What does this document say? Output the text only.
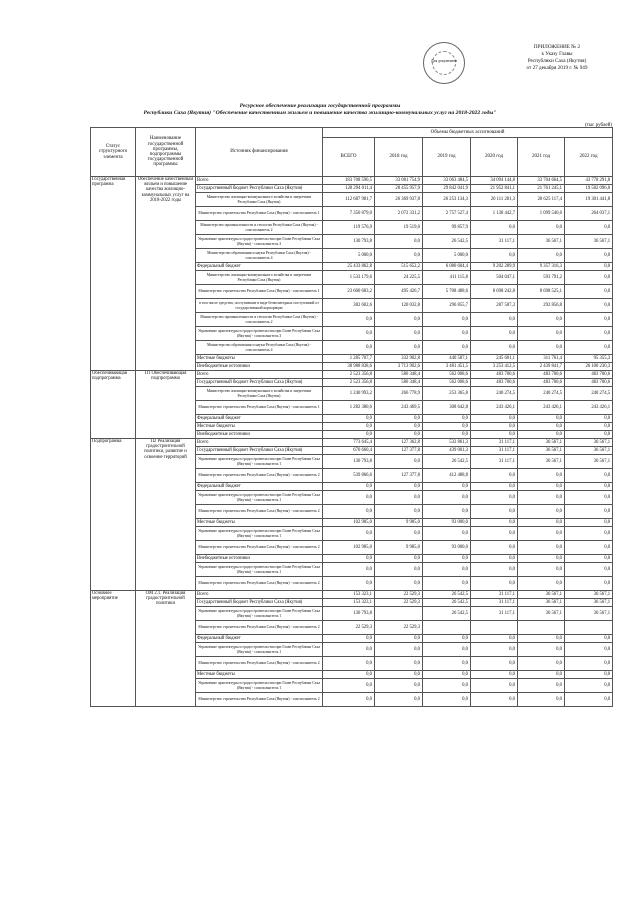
Для документов
ПРИЛОЖЕНИЕ № 2
к Указу Главы
Республики Саха (Якутия)
от 27 декабря 2019 г. № 949
Ресурсное обеспечение реализации государственной программы
Республики Саха (Якутия) "Обеспечение качественным жильем и повышение качества жилищно-коммунальных услуг на 2018-2022 годы"
(тыс рублей)
Статус структурного элемента	Наименование государственной программы, подпрограммы государственной программы	Источник финансирования	Объемы бюджетных ассигнований					
			ВСЕГО	2018 год	2019 год	2020 год	2021 год	2022 год
Государственная программа	Обеспечение качественным жильем и повышение качества жилищно-коммунальных услуг на 2018-2022 годы	Всего	183 708 590,5	33 081 754,9	33 063 484,5	34 094 144,8	33 704 664,5	43 778 291,8
		Государственный бюджет Республики Саха (Якутия)	120 294 011,4	28 455 957,9	29 842 041,9	21 952 841,1	21 761 245,1	19 582 096,0
		Министерство жилищно-коммунального хозяйства и энергетики Республики Саха (Якутия)	112 687 981,7	26 369 937,8	26 253 134,3	20 111 281,3	20 625 117,4	19 301 441,8
		Министерство строительства Республики Саха (Якутия) - соисполнитель 1	7 350 879,0	2 072 331,2	2 757 527,4	1 138 442,7	1 099 540,6	264 037,1
		Министерство промышленности и геологии Республики Саха (Якутия) - соисполнитель 2	119 576,9	19 519,0	99 857,9	0,0	0,0	0,0
		Управление архитектуры и градостроительства при Главе Республики Саха (Якутия) - соисполнитель 3	130 793,8	0,0	26 542,5	31 117,1	36 567,1	36 567,1
		Министерство образования и науки Республики Саха (Якутия) - соисполнитель 4	5 000,0	0,0	5 000,0	0,0	0,0	0,0
		Федеральный бюджет	25 433 862,8	515 652,2	6 080 604,4	9 202 289,9	9 357 316,3	0,0
		Министерство жилищно-коммунального хозяйства и энергетики Республики Саха (Якутия)	1 533 179,6	24 225,5	411 115,8	504 047,1	593 791,2	0,0
		Министерство строительства Республики Саха (Якутия) - соисполнитель 1	23 600 683,2	495 426,7	5 708 488,6	8 698 242,8	8 698 525,1	0,0
		в том числе средства, поступившие в виде безвозмездных поступлений от государственной корпорации	382 602,6	120 032,8	296 855,7	287 587,3	292 856,8	0,0
		Министерство промышленности и геологии Республики Саха (Якутия) - соисполнитель 2	0,0	0,0	0,0	0,0	0,0	0,0
		Управление архитектуры и градостроительства при Главе Республики Саха (Якутия) - соисполнитель 3	0,0	0,0	0,0	0,0	0,0	0,0
		Министерство образования и науки Республики Саха (Якутия) - соисполнитель 4	0,0	0,0	0,0	0,0	0,0	0,0
		Местные бюджеты	1 285 707,7	332 902,8	440 587,1	245 601,1	311 761,4	95 355,3
		Внебюджетные источники	38 988 838,6	3 713 902,6	3 481 451,5	3 253 412,5	2 439 841,7	26 100 230,3
Обеспечивающая подпрограмма	П1 Обеспечивающая подпрограмма	Всего	2 523 356,8	580 348,4	562 008,6	483 700,6	483 700,6	483 700,6
		Государственный бюджет Республики Саха (Якутия)	2 523 356,8	580 348,4	562 008,6	483 700,6	483 700,6	483 700,6
		Министерство жилищно-коммунального хозяйства и энергетики Республики Саха (Якутия)	1 240 993,2	266 778,9	253 365,8	240 274,5	240 274,5	240 274,5
		Министерство строительства Республики Саха (Якутия) - соисполнитель 1	1 282 380,6	243 469,5	308 642,8	243 426,1	243 426,1	243 426,1
		Федеральный бюджет	0,0	0,0	0,0	0,0	0,0	0,0
		Местные бюджеты	0,0	0,0	0,0	0,0	0,0	0,0
		Внебюджетные источники	0,0	0,0	0,0	0,0	0,0	0,0
Подпрограмма	П2 Реализация градостроительной политики, развитие и освоение территорий	Всего	773 645,4	127 362,8	532 861,3	31 117,1	36 567,1	36 567,1
		Государственный бюджет Республики Саха (Якутия)	670 660,4	127 377,8	439 001,3	31 117,1	36 567,1	36 567,1
		Управление архитектуры и градостроительства при Главе Республики Саха (Якутия) - соисполнитель 1	130 793,8	0,0	26 542,5	31 117,1	36 567,1	36 567,1
		Министерство строительства Республики Саха (Якутия) - соисполнитель 2	539 866,6	127 377,8	412 488,8	0,0	0,0	0,0
		Федеральный бюджет	0,0	0,0	0,0	0,0	0,0	0,0
		Управление архитектуры и градостроительства при Главе Республики Саха (Якутия) - соисполнитель 1	0,0	0,0	0,0	0,0	0,0	0,0
		Министерство строительства Республики Саха (Якутия) - соисполнитель 2	0,0	0,0	0,0	0,0	0,0	0,0
		Местные бюджеты	102 985,0	9 985,0	93 000,0	0,0	0,0	0,0
		Управление архитектуры и градостроительства при Главе Республики Саха (Якутия) - соисполнитель 1	0,0	0,0	0,0	0,0	0,0	0,0
		Министерство строительства Республики Саха (Якутия) - соисполнитель 2	102 985,0	9 985,0	93 000,0	0,0	0,0	0,0
		Внебюджетные источники	0,0	0,0	0,0	0,0	0,0	0,0
		Управление архитектуры и градостроительства при Главе Республики Саха (Якутия) - соисполнитель 1	0,0	0,0	0,0	0,0	0,0	0,0
		Министерство строительства Республики Саха (Якутия) - соисполнитель 2	0,0	0,0	0,0	0,0	0,0	0,0
Основное мероприятие	ОМ 2.1. Реализация градостроительной политики	Всего	153 323,1	22 529,3	26 542,5	31 117,1	36 567,1	36 567,1
		Государственный бюджет Республики Саха (Якутия)	153 323,1	22 529,3	26 542,5	31 117,1	36 567,1	36 567,1
		Управление архитектуры и градостроительства при Главе Республики Саха (Якутия) - соисполнитель 1	130 793,8		26 542,5	31 117,1	36 567,1	36 567,1
		Министерство строительства Республики Саха (Якутия) - соисполнитель 2	22 529,3	22 529,3				
		Федеральный бюджет	0,0	0,0	0,0	0,0	0,0	0,0
		Управление архитектуры и градостроительства при Главе Республики Саха (Якутия) - соисполнитель 1	0,0	0,0	0,0	0,0	0,0	0,0
		Министерство строительства Республики Саха (Якутия) - соисполнитель 2	0,0	0,0	0,0	0,0	0,0	0,0
		Местные бюджеты	0,0	0,0	0,0	0,0	0,0	0,0
		Управление архитектуры и градостроительства при Главе Республики Саха (Якутия) - соисполнитель 1	0,0	0,0	0,0	0,0	0,0	0,0
		Министерство строительства Республики Саха (Якутия) - соисполнитель 2	0,0	0,0	0,0	0,0	0,0	0,0
